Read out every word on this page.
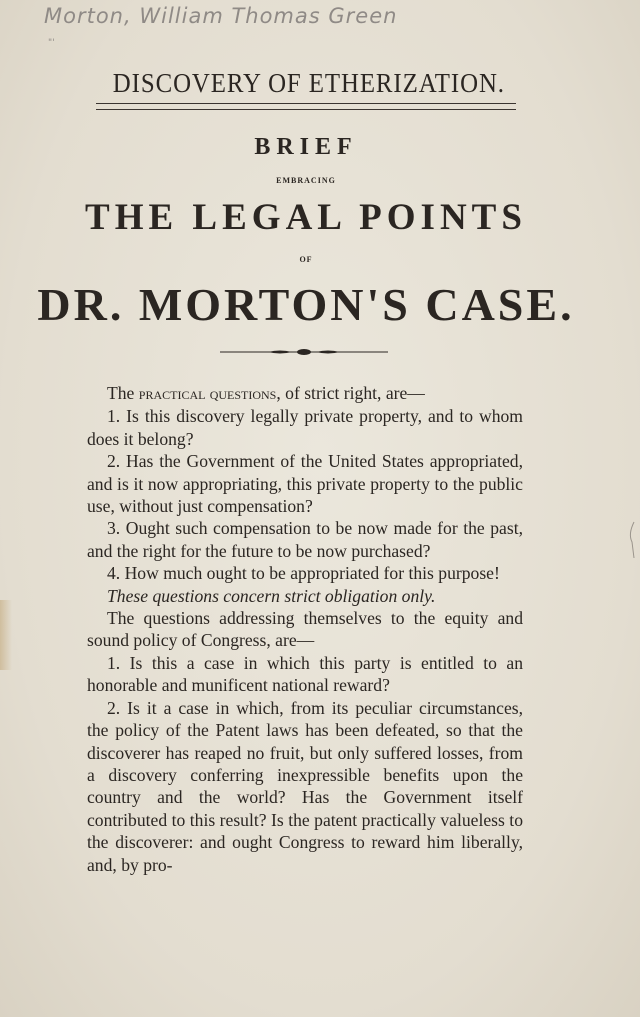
Morton, William Thomas Green
"'
DISCOVERY OF ETHERIZATION.
BRIEF
EMBRACING
THE LEGAL POINTS
OF
DR. MORTON'S CASE.

The practical questions, of strict right, are—

1. Is this discovery legally private property, and to whom does it belong?

2. Has the Government of the United States appropriated, and is it now appropriating, this private property to the public use, without just compensation?

3. Ought such compensation to be now made for the past, and the right for the future to be now purchased?

4. How much ought to be appropriated for this purpose!

These questions concern strict obligation only.

The questions addressing themselves to the equity and sound policy of Congress, are—

1. Is this a case in which this party is entitled to an honorable and munificent national reward?

2. Is it a case in which, from its peculiar circumstances, the policy of the Patent laws has been defeated, so that the discoverer has reaped no fruit, but only suffered losses, from a discovery conferring inexpressible benefits upon the country and the world? Has the Government itself contributed to this result? Is the patent practically valueless to the discoverer: and ought Congress to reward him liberally, and, by pro-
